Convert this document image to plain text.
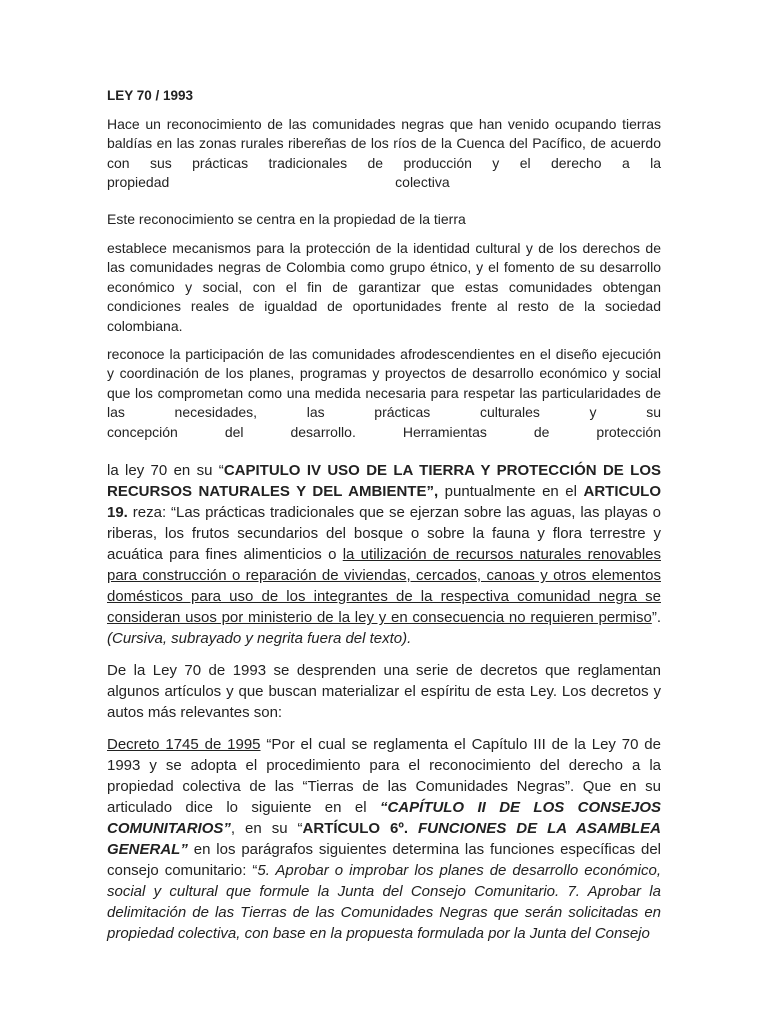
LEY 70 / 1993

Hace un reconocimiento de las comunidades negras que han venido ocupando tierras baldías en las zonas rurales ribereñas de los ríos de la Cuenca del Pacífico, de acuerdo con sus prácticas tradicionales de producción y el derecho a la

propiedad colectiva

Este reconocimiento se centra en la propiedad de la tierra

establece mecanismos para la protección de la identidad cultural y de los derechos de las comunidades negras de Colombia como grupo étnico, y el fomento de su desarrollo económico y social, con el fin de garantizar que estas comunidades obtengan condiciones reales de igualdad de oportunidades frente al resto de la sociedad colombiana.

reconoce la participación de las comunidades afrodescendientes en el diseño ejecución y coordinación de los planes, programas y proyectos de desarrollo económico y social que los comprometan como una medida necesaria para respetar las particularidades de las necesidades, las prácticas culturales y su

concepción del desarrollo. Herramientas de protección

la ley 70 en su “CAPITULO IV USO DE LA TIERRA Y PROTECCIÓN DE LOS RECURSOS NATURALES Y DEL AMBIENTE”, puntualmente en el ARTICULO 19. reza: “Las prácticas tradicionales que se ejerzan sobre las aguas, las playas o riberas, los frutos secundarios del bosque o sobre la fauna y flora terrestre y acuática para fines alimenticios o la utilización de recursos naturales renovables para construcción o reparación de viviendas, cercados, canoas y otros elementos domésticos para uso de los integrantes de la respectiva comunidad negra se consideran usos por ministerio de la ley y en consecuencia no requieren permiso”. (Cursiva, subrayado y negrita fuera del texto).

De la Ley 70 de 1993 se desprenden una serie de decretos que reglamentan algunos artículos y que buscan materializar el espíritu de esta Ley. Los decretos y autos más relevantes son:

Decreto 1745 de 1995 “Por el cual se reglamenta el Capítulo III de la Ley 70 de 1993 y se adopta el procedimiento para el reconocimiento del derecho a la propiedad colectiva de las “Tierras de las Comunidades Negras”. Que en su articulado dice lo siguiente en el “CAPÍTULO II DE LOS CONSEJOS COMUNITARIOS”, en su “ARTÍCULO 6º. FUNCIONES DE LA ASAMBLEA GENERAL” en los parágrafos siguientes determina las funciones específicas del consejo comunitario: “5. Aprobar o improbar los planes de desarrollo económico, social y cultural que formule la Junta del Consejo Comunitario. 7. Aprobar la delimitación de las Tierras de las Comunidades Negras que serán solicitadas en propiedad colectiva, con base en la propuesta formulada por la Junta del Consejo
